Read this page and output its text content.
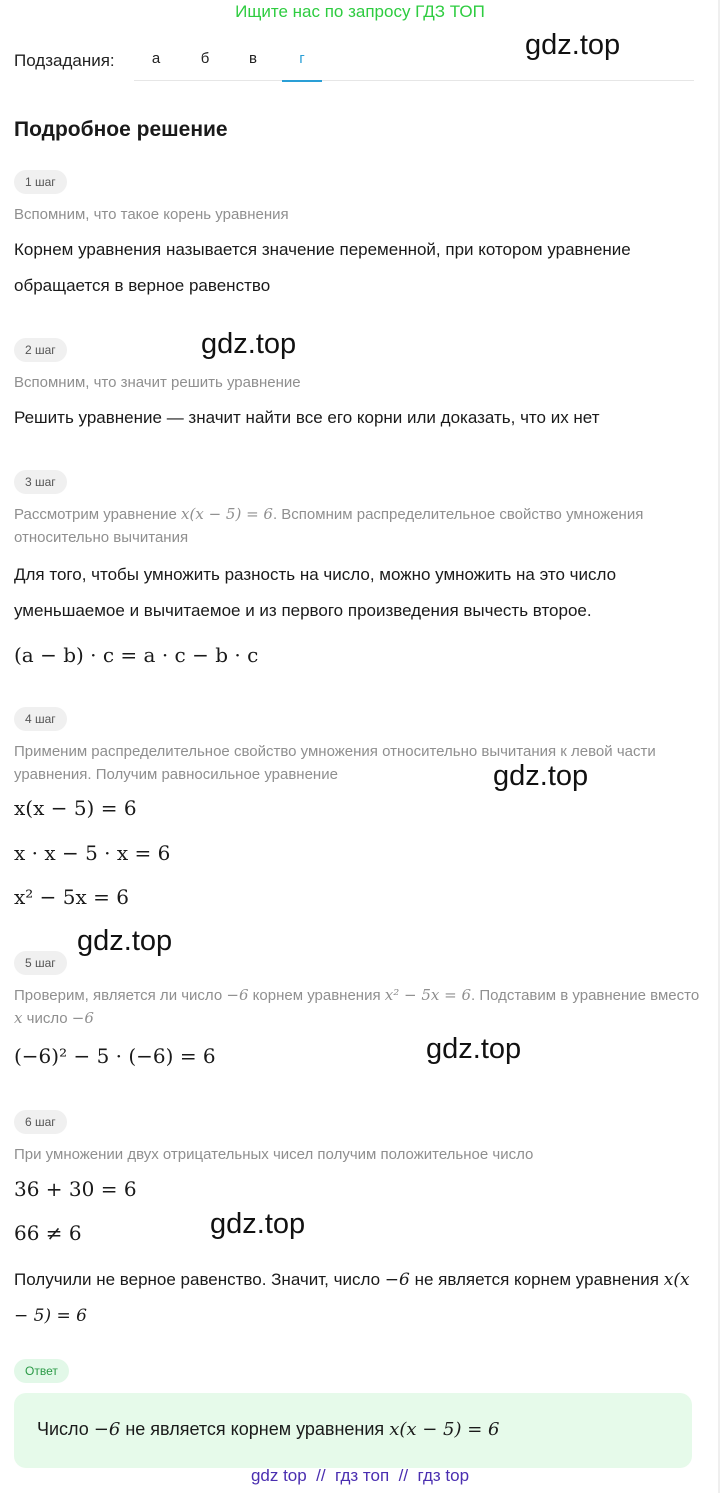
Ищите нас по запросу ГДЗ ТОП
Подзадания:	а	б	в	г	gdz.top
Подробное решение
1 шаг
Вспомним, что такое корень уравнения
Корнем уравнения называется значение переменной, при котором уравнение обращается в верное равенство
2 шаг	gdz.top
Вспомним, что значит решить уравнение
Решить уравнение — значит найти все его корни или доказать, что их нет
3 шаг
Рассмотрим уравнение x(x − 5) = 6. Вспомним распределительное свойство умножения относительно вычитания
Для того, чтобы умножить разность на число, можно умножить на это число уменьшаемое и вычитаемое и из первого произведения вычесть второе.
(a − b) · c = a · c − b · c
4 шаг
Применим распределительное свойство умножения относительно вычитания к левой части уравнения. Получим равносильное уравнение	gdz.top
x(x − 5) = 6
x · x − 5 · x = 6
x² − 5x = 6
gdz.top
5 шаг
Проверим, является ли число −6 корнем уравнения x² − 5x = 6. Подставим в уравнение вместо x число −6
(−6)² − 5 · (−6) = 6	gdz.top
6 шаг
При умножении двух отрицательных чисел получим положительное число
36 + 30 = 6
66 ≠ 6	gdz.top
Получили не верное равенство. Значит, число −6 не является корнем уравнения x(x − 5) = 6
Ответ
Число −6 не является корнем уравнения x(x − 5) = 6
gdz top  //  гдз топ  //  гдз top
